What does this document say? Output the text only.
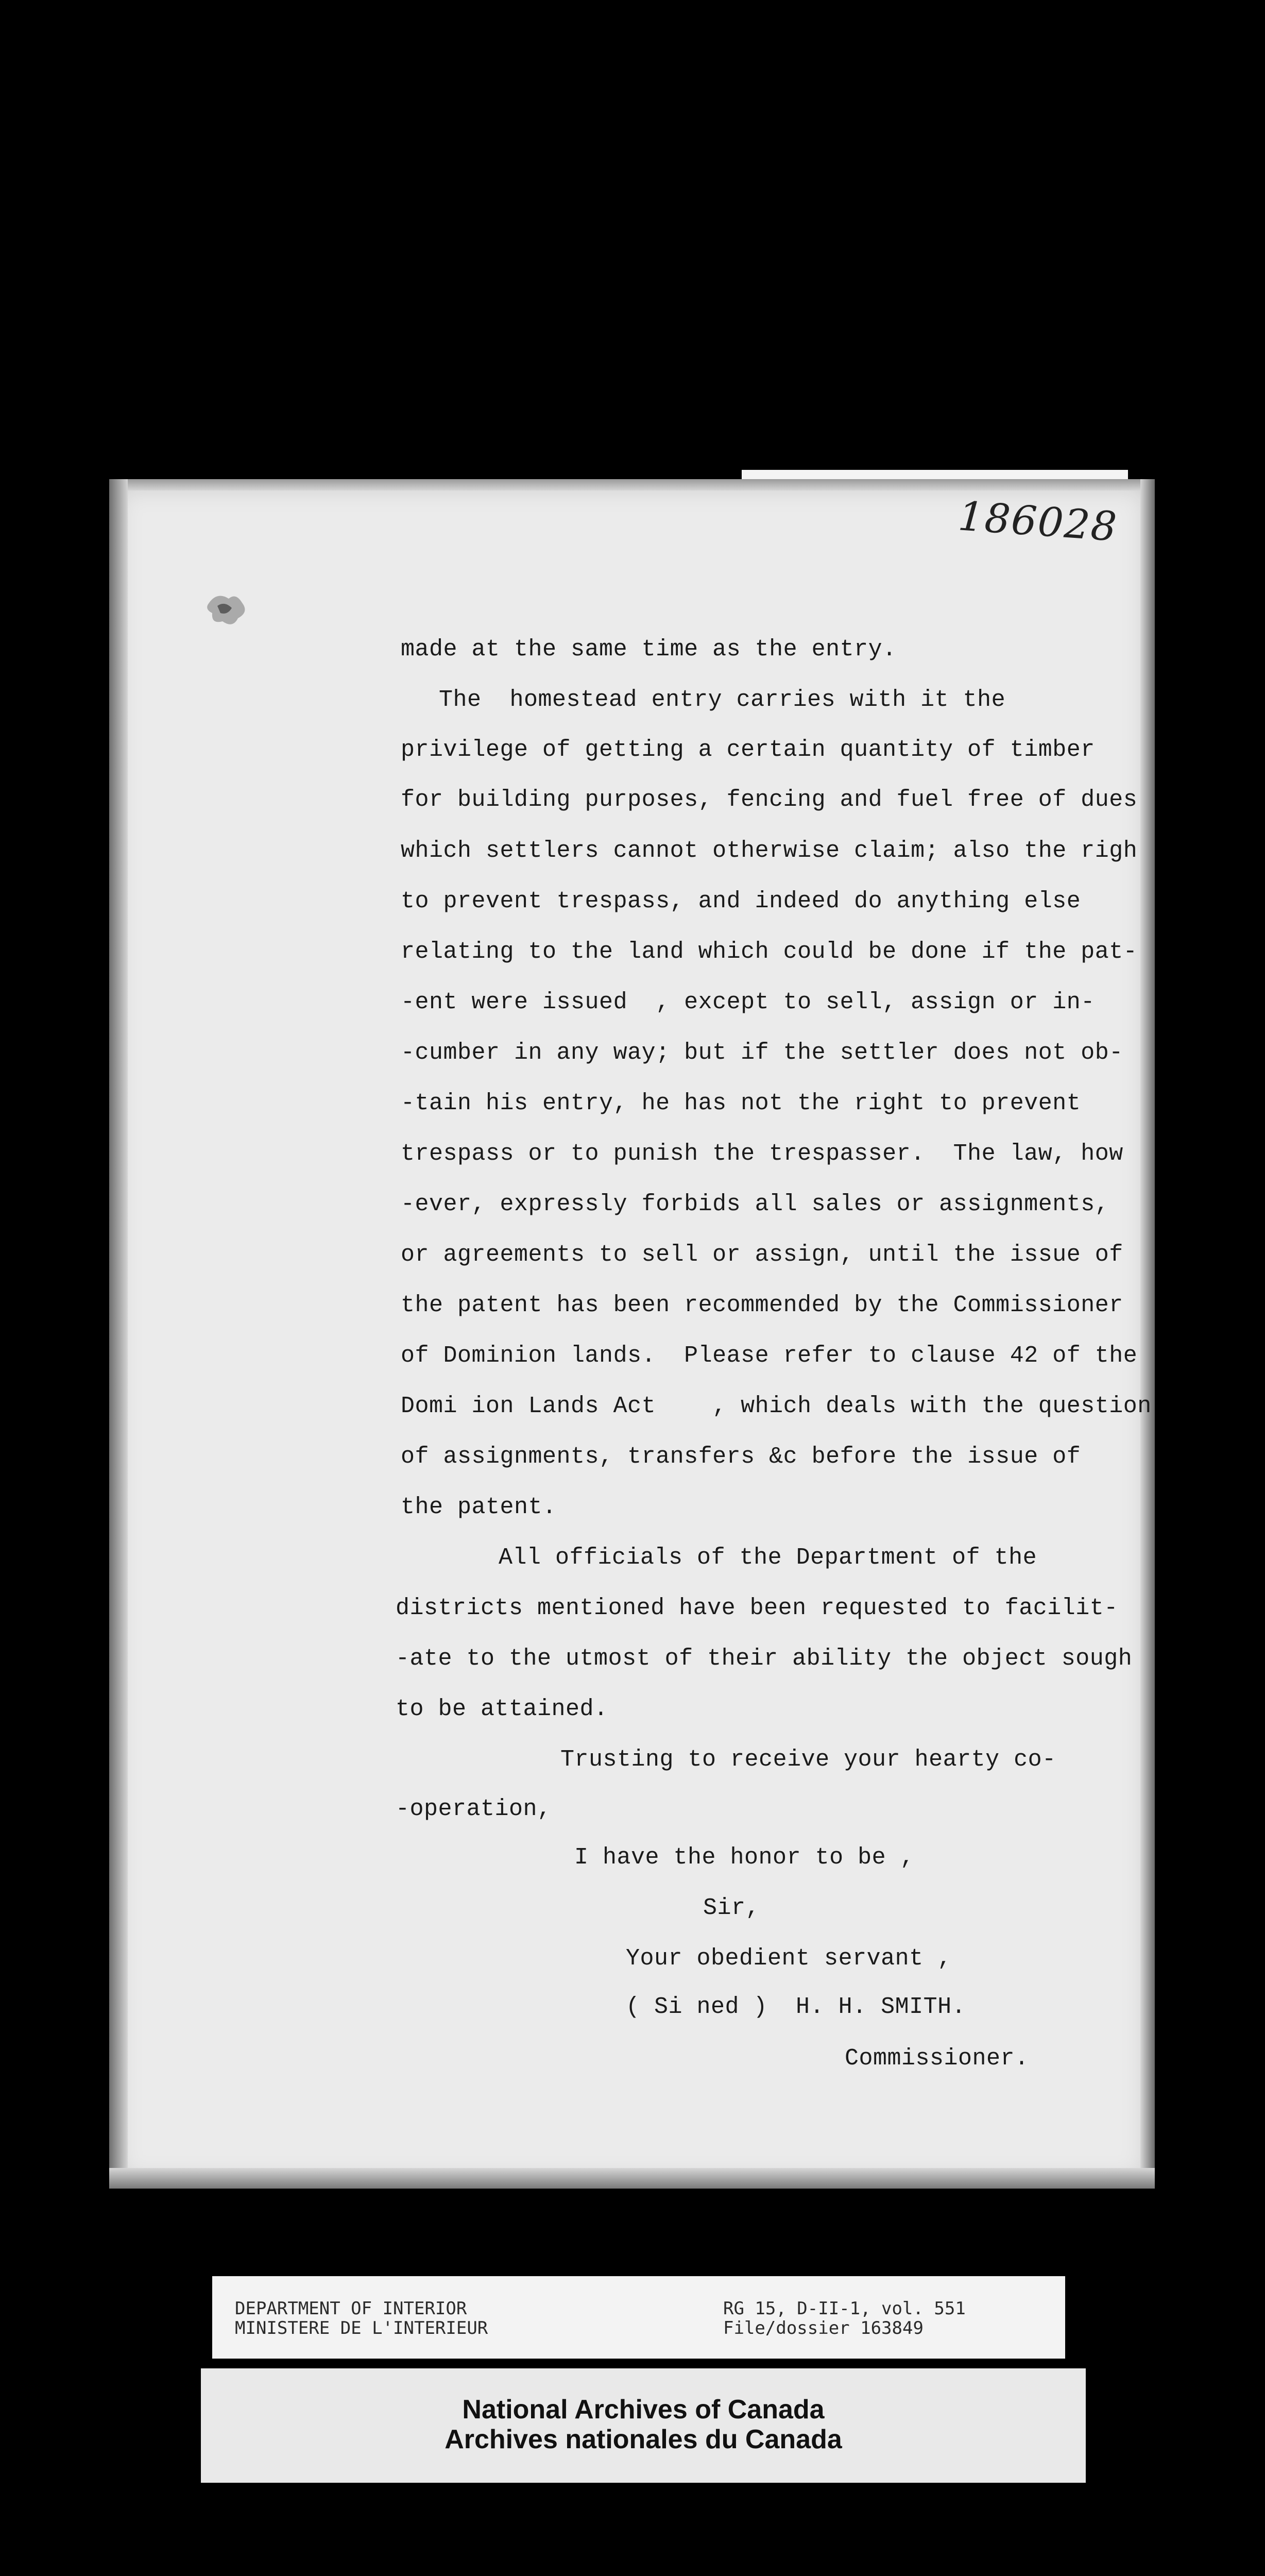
186028
made at the same time as the entry.
The  homestead entry carries with it the
privilege of getting a certain quantity of timber
for building purposes, fencing and fuel free of dues
which settlers cannot otherwise claim; also the righ
to prevent trespass, and indeed do anything else
relating to the land which could be done if the pat-
-ent were issued  , except to sell, assign or in-
-cumber in any way; but if the settler does not ob-
-tain his entry, he has not the right to prevent
trespass or to punish the trespasser.  The law, how
-ever, expressly forbids all sales or assignments,
or agreements to sell or assign, until the issue of
the patent has been recommended by the Commissioner
of Dominion lands.  Please refer to clause 42 of the
Domi ion Lands Act    , which deals with the question
of assignments, transfers &c before the issue of
the patent.
All officials of the Department of the
districts mentioned have been requested to facilit-
-ate to the utmost of their ability the object sough
to be attained.
Trusting to receive your hearty co-
-operation,
I have the honor to be ,
Sir,
Your obedient servant ,
( Si ned )  H. H. SMITH.
Commissioner.
DEPARTMENT OF INTERIOR
MINISTERE DE L'INTERIEUR
RG 15, D-II-1, vol. 551
File/dossier 163849
National Archives of Canada
Archives nationales du Canada
